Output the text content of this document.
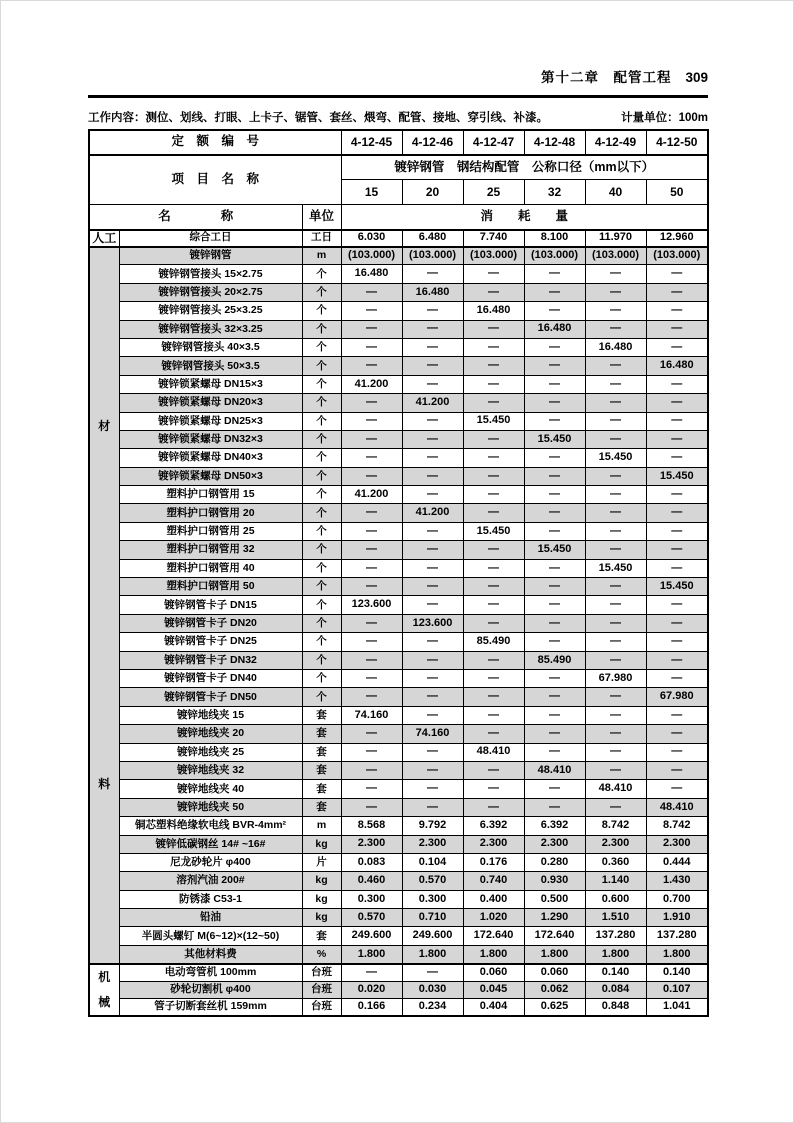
第十二章　配管工程 309
工作内容：测位、划线、打眼、上卡子、锯管、套丝、煨弯、配管、接地、穿引线、补漆。	计量单位：100m
定　额　编　号			4-12-45	4-12-46	4-12-47	4-12-48	4-12-49	4-12-50
项　目　名　称			镀锌钢管　钢结构配管　公称口径（mm以下）					
			15	20	25	32	40	50
名　　　　称		单位	消　　耗　　量					

人工	综合工日	工日	6.030	6.480	7.740	8.100	11.970	12.960

材
料	镀锌钢管	m	(103.000)	(103.000)	(103.000)	(103.000)	(103.000)	(103.000)
	镀锌钢管接头 15×2.75	个	16.480	—	—	—	—	—
	镀锌钢管接头 20×2.75	个	—	16.480	—	—	—	—
	镀锌钢管接头 25×3.25	个	—	—	16.480	—	—	—
	镀锌钢管接头 32×3.25	个	—	—	—	16.480	—	—
	镀锌钢管接头 40×3.5	个	—	—	—	—	16.480	—
	镀锌钢管接头 50×3.5	个	—	—	—	—	—	16.480
	镀锌锁紧螺母 DN15×3	个	41.200	—	—	—	—	—
	镀锌锁紧螺母 DN20×3	个	—	41.200	—	—	—	—
	镀锌锁紧螺母 DN25×3	个	—	—	15.450	—	—	—
	镀锌锁紧螺母 DN32×3	个	—	—	—	15.450	—	—
	镀锌锁紧螺母 DN40×3	个	—	—	—	—	15.450	—
	镀锌锁紧螺母 DN50×3	个	—	—	—	—	—	15.450
	塑料护口钢管用 15	个	41.200	—	—	—	—	—
	塑料护口钢管用 20	个	—	41.200	—	—	—	—
	塑料护口钢管用 25	个	—	—	15.450	—	—	—
	塑料护口钢管用 32	个	—	—	—	15.450	—	—
	塑料护口钢管用 40	个	—	—	—	—	15.450	—
	塑料护口钢管用 50	个	—	—	—	—	—	15.450
	镀锌钢管卡子 DN15	个	123.600	—	—	—	—	—
	镀锌钢管卡子 DN20	个	—	123.600	—	—	—	—
	镀锌钢管卡子 DN25	个	—	—	85.490	—	—	—
	镀锌钢管卡子 DN32	个	—	—	—	85.490	—	—
	镀锌钢管卡子 DN40	个	—	—	—	—	67.980	—
	镀锌钢管卡子 DN50	个	—	—	—	—	—	67.980
	镀锌地线夹 15	套	74.160	—	—	—	—	—
	镀锌地线夹 20	套	—	74.160	—	—	—	—
	镀锌地线夹 25	套	—	—	48.410	—	—	—
	镀锌地线夹 32	套	—	—	—	48.410	—	—
	镀锌地线夹 40	套	—	—	—	—	48.410	—
	镀锌地线夹 50	套	—	—	—	—	—	48.410
	铜芯塑料绝缘软电线 BVR-4mm²	m	8.568	9.792	6.392	6.392	8.742	8.742
	镀锌低碳钢丝 14# ~16#	kg	2.300	2.300	2.300	2.300	2.300	2.300
	尼龙砂轮片 φ400	片	0.083	0.104	0.176	0.280	0.360	0.444
	溶剂汽油 200#	kg	0.460	0.570	0.740	0.930	1.140	1.430
	防锈漆 C53-1	kg	0.300	0.300	0.400	0.500	0.600	0.700
	铅油	kg	0.570	0.710	1.020	1.290	1.510	1.910
	半圆头螺钉 M(6~12)×(12~50)	套	249.600	249.600	172.640	172.640	137.280	137.280
	其他材料费	%	1.800	1.800	1.800	1.800	1.800	1.800

机
械	电动弯管机 100mm	台班	—	—	0.060	0.060	0.140	0.140
	砂轮切割机 φ400	台班	0.020	0.030	0.045	0.062	0.084	0.107
	管子切断套丝机 159mm	台班	0.166	0.234	0.404	0.625	0.848	1.041
